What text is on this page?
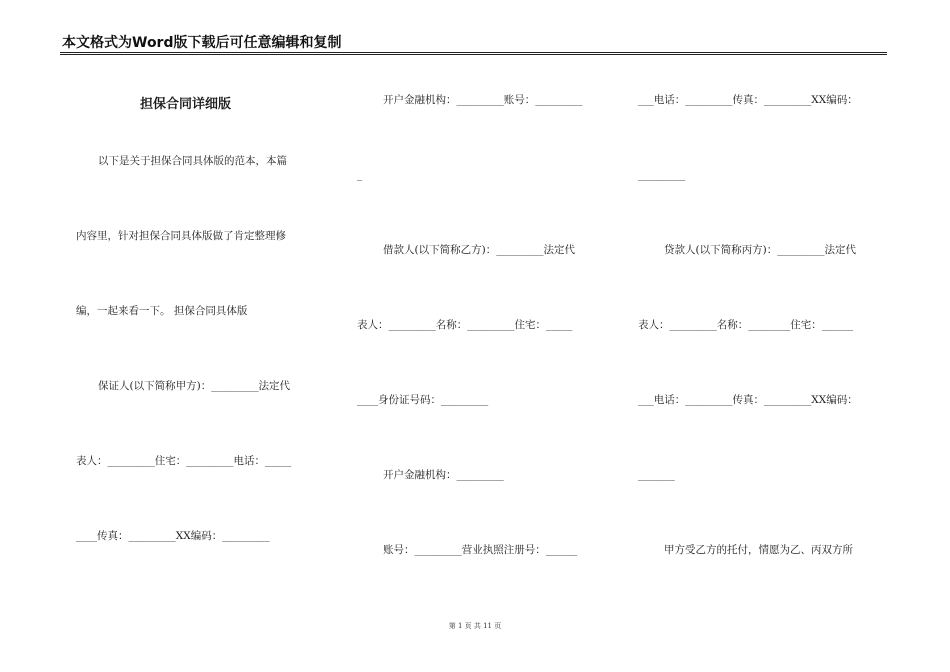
本文格式为Word版下载后可任意编辑和复制
担保合同详细版
以下是关于担保合同具体版的范本，本篇
内容里，针对担保合同具体版做了肯定整理修
编，一起来看一下。 担保合同具体版
保证人(以下简称甲方)：_________法定代
表人：_________住宅：_________电话：_____
____传真：_________XX编码：_________
开户金融机构：_________账号：_________
_
借款人(以下简称乙方)：_________法定代
表人：_________名称：_________住宅：_____
____身份证号码：_________
开户金融机构：_________
账号：_________营业执照注册号：______
___电话：_________传真：_________XX编码：
_________
贷款人(以下简称丙方)：_________法定代
表人：_________名称：________住宅：______
___电话：_________传真：_________XX编码：
_______
甲方受乙方的托付，情愿为乙、丙双方所
第 1 页 共 11 页
